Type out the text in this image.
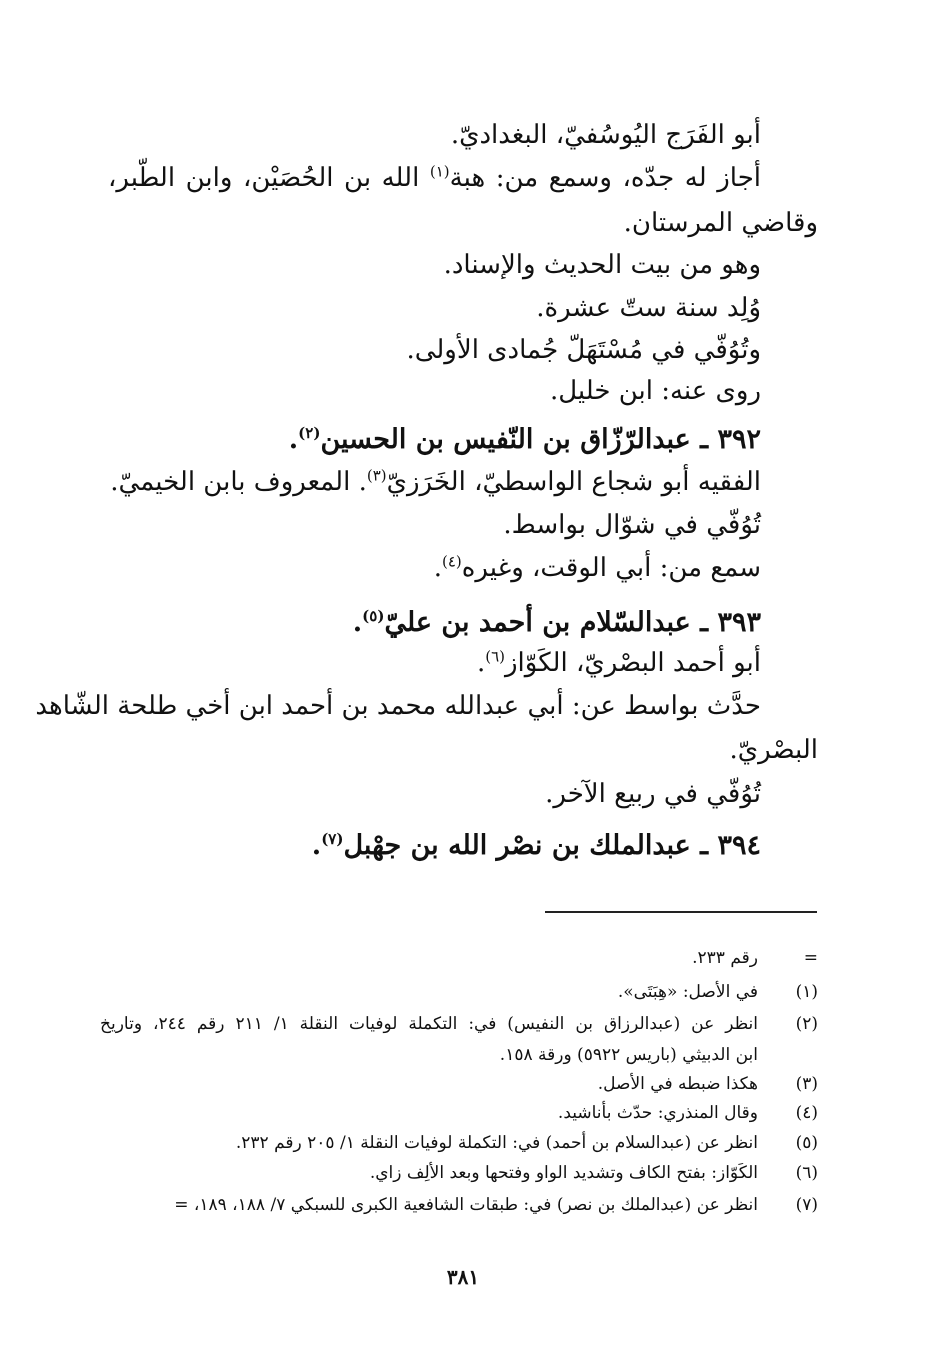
أبو الفَرَج اليُوسُفيّ، البغداديّ.
أجاز له جدّه، وسمع من: هبة$^{(١)}$ الله بن الحُصَيْن، وابن الطّبر،
وقاضي المرستان.
وهو من بيت الحديث والإسناد.
وُلِد سنة ستّ عشرة.
وتُوُفّي في مُسْتَهَلّ جُمادى الأولى.
روى عنه: ابن خليل.
٣٩٢ ـ عبدالرّزّاق بن النّفيس بن الحسين$^{(٢)}$.
الفقيه أبو شجاع الواسطيّ، الخَرَزيّ$^{(٣)}$. المعروف بابن الخيميّ.
تُوُفّي في شوّال بواسط.
سمع من: أبي الوقت، وغيره$^{(٤)}$.
٣٩٣ ـ عبدالسّلام بن أحمد بن عليّ$^{(٥)}$.
أبو أحمد البصْريّ، الكَوّاز$^{(٦)}$.
حدَّث بواسط عن: أبي عبدالله محمد بن أحمد ابن أخي طلحة الشّاهد
البصْريّ.
تُوُفّي في ربيع الآخر.
٣٩٤ ـ عبدالملك بن نصْر الله بن جهْبل$^{(٧)}$.
=
رقم ٢٣٣.
(١)
في الأصل: «هِبَتَى».
(٢)
انظر عن (عبدالرزاق بن النفيس) في: التكملة لوفيات النقلة ١/ ٢١١ رقم ٢٤٤، وتاريخ
ابن الدبيثي (باريس ٥٩٢٢) ورقة ١٥٨.
(٣)
هكذا ضبطه في الأصل.
(٤)
وقال المنذري: حدّث بأناشيد.
(٥)
انظر عن (عبدالسلام بن أحمد) في: التكملة لوفيات النقلة ١/ ٢٠٥ رقم ٢٣٢.
(٦)
الكَوّاز: بفتح الكاف وتشديد الواو وفتحها وبعد الألِف زاي.
(٧)
انظر عن (عبدالملك بن نصر) في: طبقات الشافعية الكبرى للسبكي ٧/ ١٨٨، ١٨٩، =
٣٨١
